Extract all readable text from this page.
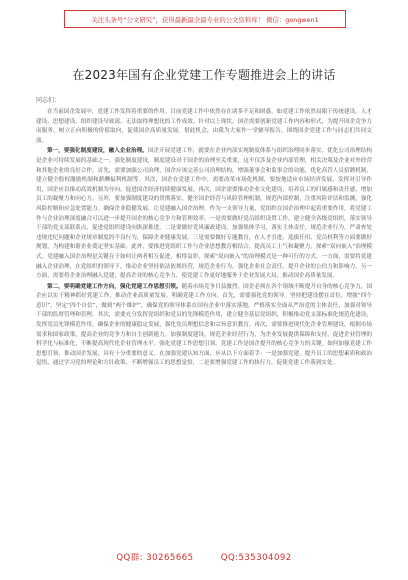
关注头条号“公文研究”，获得最新最全最专业的公文资料库！ 微信：gongwen1
在2023年国有企业党建工作专题推进会上的讲话
同志们：

在当前国企发展中，党建工作发挥着重要的作用。目前党建工作中依然存在诸多不足和困惑，如党建工作依然局限于传统建设，人才建设、思想建设、组织建设导致部、无法取得理想化的工作成效。针对以上现状，国企需要创新党建工作内容和形式，为提升国企竞争力而服务，树立正向积极的价值取向，促使国企高质量发展。借此机会，由我为大家作一堂辅导报告，围绕国企党建工作与同志们共同交流。

第一，要强化制度建设，融入企业治理。国企开展党建工作，就要在企业内部实现制度体系与组织治理同步落实，优化公司治理结构是企业可持续发展的基础之一。强化制度建设，制度建设对于国企的治理至关重要，这不仅涉及企业内部管理，相关决策及企业对外经营和其他企业的良好合作。首先，需要加强公司治理，国企应该完善公司治理结构，增强董事会和监事会的功能，优化高管人员招聘机制，建立健全股权激励机制和薪酬福利机制等。其次，国企在党建工作中，需要改革市场化机制，要按地适应市场经济发展，发挥对引导作用，国企应以推动高效机制为导向，促进国企经济持续健康发展。再次，国企需要推动企业文化建设，培养员工的归属感和责任感，增加员工的凝聚力和向心力。另外，要加强制度建设的贯彻落实，健全国企经营与风险管理机制，规范内部控制，注重风险评估和监测，强化风险控制和应急处置能力。确保企业稳健发展。让党建融入国企治理，作为一支领导力量，党组织在国企治理中起着重要作用，将党建工作与企业治理深度融合可以进一步提升国企的核心竞争力和管理效率。一是需要做好党员组织设置工作，建立健全各级党组织，落实领导干部的党支部联系点，促进党组织建设向纵深推进。二是要做好党风廉政建设，加强集体学习，落实主体责任。规范企业行为，严肃查处违规违纪问题和企业规章制度的不良行为，保障企业健康发展。三是需要做好专题教育，在人才引进、选拔任用、党员权利等方面要做好规划，为构建和谐企业奠定坚实基础。此外，要推进党组织工作与企业思想教育相结合，提高员工士气和凝聚力。探索“双向嵌入”治理模式。党建融入国企治理是关键在于如何让两者相互促进，相得益彰，探索“双向嵌入”的治理模式是一种可行的方式。一方面，需要将党建融入企业治理，在党组织的领导下，推动企业坚持依法依规经营，规范企业行为，强化企业社会责任，提升企业的公信力和影响力。另一方面，需要将企业治理融入党建，提高企业的核心竞争力，使党建工作更好地服务于企业发展大局，推动国企高质量发展。

第二，要明确党建工作方向，强化党建工作思想引领。随着市场竞争日益激烈，国企必须在各个领域不断提升自身的核心竞争力，国企应以实干精神抓好党建工作，推动企业高质量发展。明确党建工作方向。首先，需要强化党的领导。坚持把建设摆在首位，增强“四个意识”，坚定“四个自信”，做到“两个维护”，确保党的领导体系在国有企业中落实落地，严格落实全面从严治党的主体责任，加强对领导干部的监督管理和管理。其次，需要充分发挥党组织和党员的先锋模范作用，建立健全基层党组织，积极推动党支部标准化规范化建设，发挥党员先锋模范作用，确保企业的健康稳定发展，强化党员理想信念和宗旨意识教育。再次，需要推进现代化企业管理建设，根据市场需求和国家政策，提高企业的竞争力和自主创新能力。加强制度建设，规范企业经营行为，为企业发展提供保障和支持，促进企业管理的科学化与标准化，不断提高现代化企业管理水平。强化党建工作思想引领。党建工作是国企提升的核心竞争力的关键。如何加强党建工作思想引领，推动国企发展，具有十分重要的意义。在加强党建认知方面，应从以下方面着手：一是加强党建，提升员工的思想素质和政治觉悟，通过学习党的理论和方针政策，不断增强员工的思想觉悟，二是要增强党建工作的执行力，促使党建工作落到实处。

QQ群: 30265665	QQ:535304092
